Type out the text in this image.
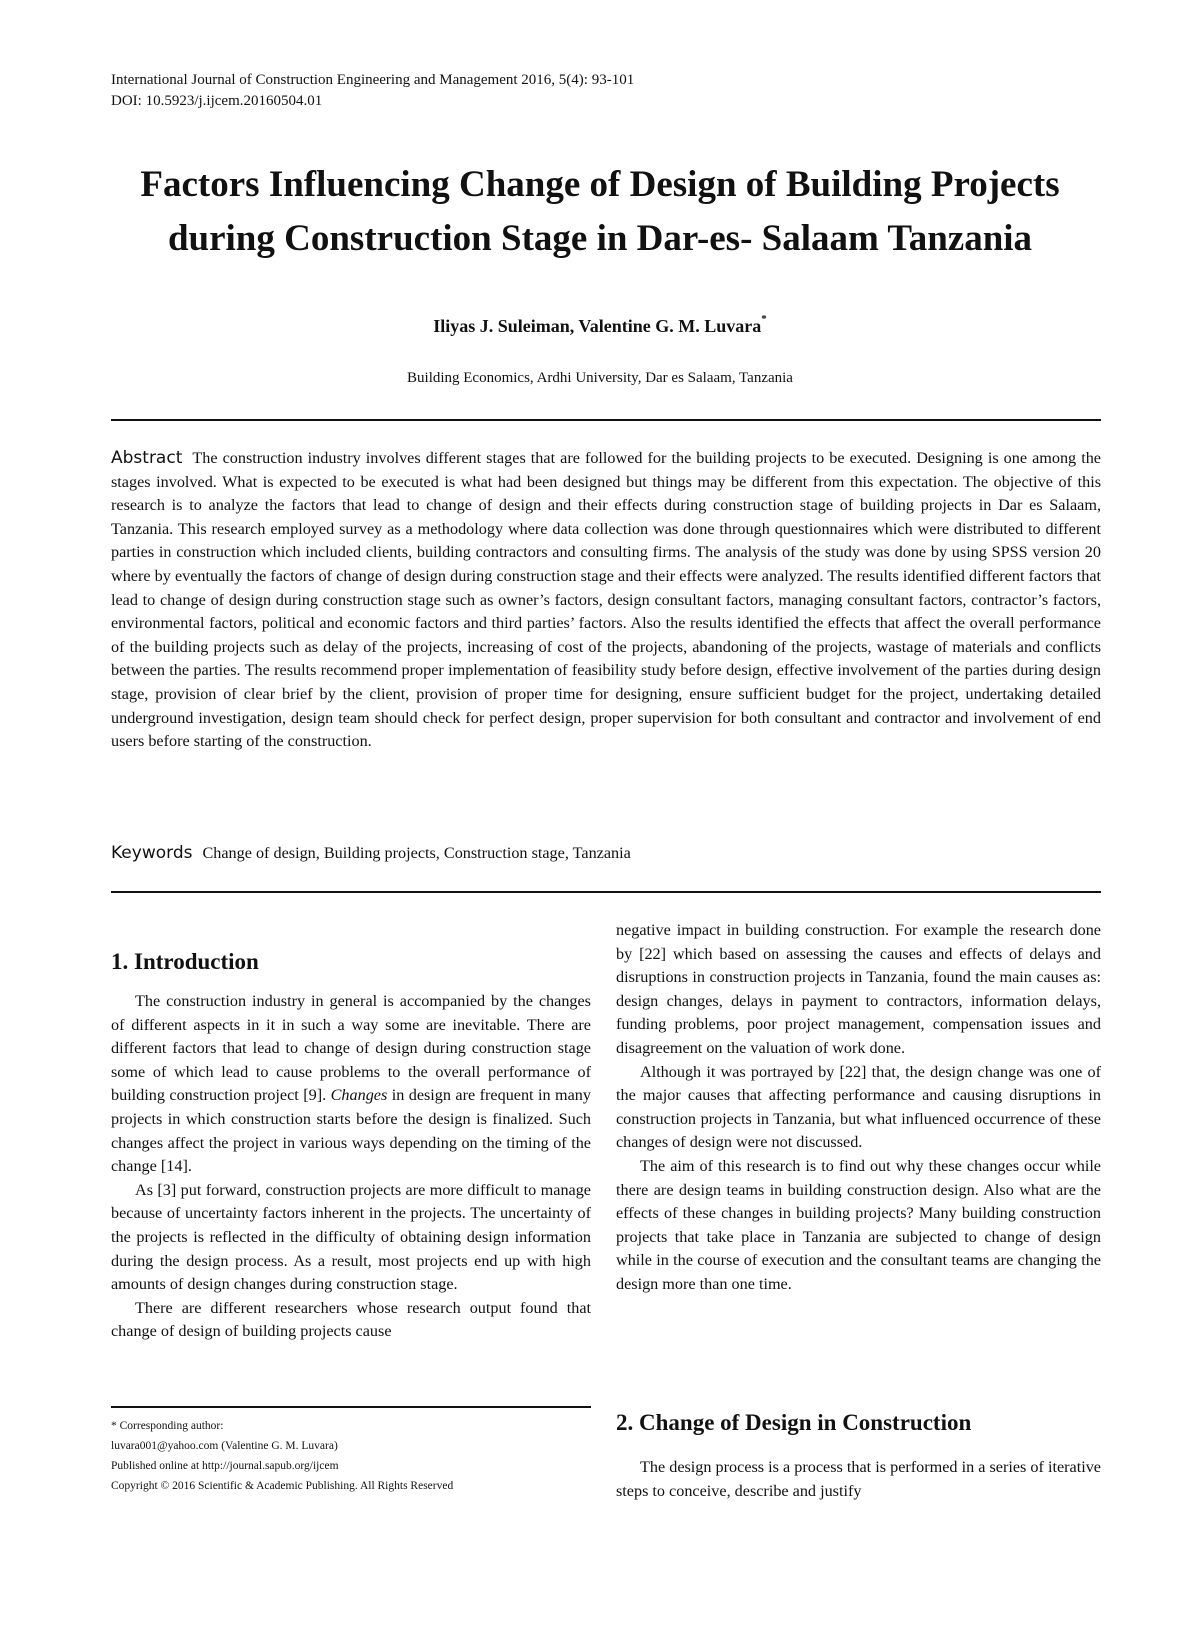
International Journal of Construction Engineering and Management 2016, 5(4): 93-101
DOI: 10.5923/j.ijcem.20160504.01
Factors Influencing Change of Design of Building Projects
during Construction Stage in Dar-es- Salaam Tanzania
Iliyas J. Suleiman, Valentine G. M. Luvara*
Building Economics, Ardhi University, Dar es Salaam, Tanzania
Abstract The construction industry involves different stages that are followed for the building projects to be executed. Designing is one among the stages involved. What is expected to be executed is what had been designed but things may be different from this expectation. The objective of this research is to analyze the factors that lead to change of design and their effects during construction stage of building projects in Dar es Salaam, Tanzania. This research employed survey as a methodology where data collection was done through questionnaires which were distributed to different parties in construction which included clients, building contractors and consulting firms. The analysis of the study was done by using SPSS version 20 where by eventually the factors of change of design during construction stage and their effects were analyzed. The results identified different factors that lead to change of design during construction stage such as owner’s factors, design consultant factors, managing consultant factors, contractor’s factors, environmental factors, political and economic factors and third parties’ factors. Also the results identified the effects that affect the overall performance of the building projects such as delay of the projects, increasing of cost of the projects, abandoning of the projects, wastage of materials and conflicts between the parties. The results recommend proper implementation of feasibility study before design, effective involvement of the parties during design stage, provision of clear brief by the client, provision of proper time for designing, ensure sufficient budget for the project, undertaking detailed underground investigation, design team should check for perfect design, proper supervision for both consultant and contractor and involvement of end users before starting of the construction.
Keywords Change of design, Building projects, Construction stage, Tanzania
1. Introduction

The construction industry in general is accompanied by the changes of different aspects in it in such a way some are inevitable. There are different factors that lead to change of design during construction stage some of which lead to cause problems to the overall performance of building construction project [9]. Changes in design are frequent in many projects in which construction starts before the design is finalized. Such changes affect the project in various ways depending on the timing of the change [14].

As [3] put forward, construction projects are more difficult to manage because of uncertainty factors inherent in the projects. The uncertainty of the projects is reflected in the difficulty of obtaining design information during the design process. As a result, most projects end up with high amounts of design changes during construction stage.

There are different researchers whose research output found that change of design of building projects cause

* Corresponding author:
luvara001@yahoo.com (Valentine G. M. Luvara)
Published online at http://journal.sapub.org/ijcem
Copyright © 2016 Scientific & Academic Publishing. All Rights Reserved

negative impact in building construction. For example the research done by [22] which based on assessing the causes and effects of delays and disruptions in construction projects in Tanzania, found the main causes as: design changes, delays in payment to contractors, information delays, funding problems, poor project management, compensation issues and disagreement on the valuation of work done.

Although it was portrayed by [22] that, the design change was one of the major causes that affecting performance and causing disruptions in construction projects in Tanzania, but what influenced occurrence of these changes of design were not discussed.

The aim of this research is to find out why these changes occur while there are design teams in building construction design. Also what are the effects of these changes in building projects? Many building construction projects that take place in Tanzania are subjected to change of design while in the course of execution and the consultant teams are changing the design more than one time.

2. Change of Design in Construction

The design process is a process that is performed in a series of iterative steps to conceive, describe and justify
